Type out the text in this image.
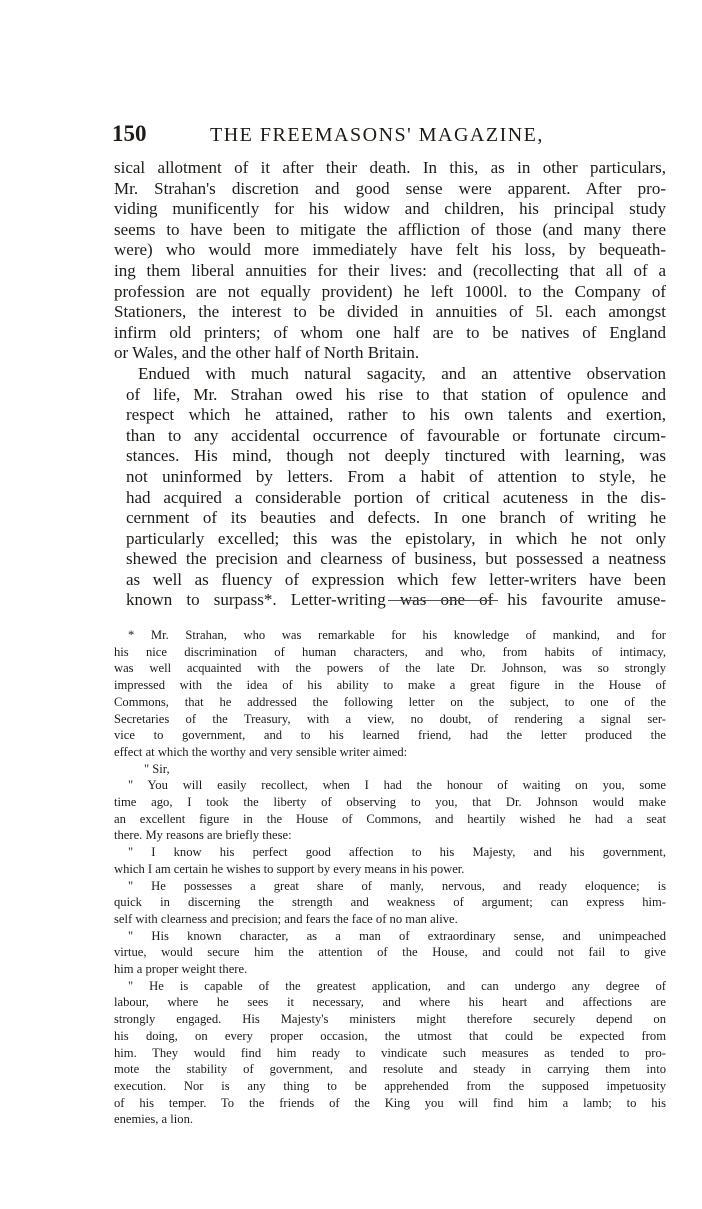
150	THE FREEMASONS' MAGAZINE,

sical allotment of it after their death. In this, as in other particulars,
Mr. Strahan's discretion and good sense were apparent. After pro-
viding munificently for his widow and children, his principal study
seems to have been to mitigate the affliction of those (and many there
were) who would more immediately have felt his loss, by bequeath-
ing them liberal annuities for their lives: and (recollecting that all of a
profession are not equally provident) he left 1000l. to the Company of
Stationers, the interest to be divided in annuities of 5l. each amongst
infirm old printers; of whom one half are to be natives of England
or Wales, and the other half of North Britain.

Endued with much natural sagacity, and an attentive observation
of life, Mr. Strahan owed his rise to that station of opulence and
respect which he attained, rather to his own talents and exertion,
than to any accidental occurrence of favourable or fortunate circum-
stances. His mind, though not deeply tinctured with learning, was
not uninformed by letters. From a habit of attention to style, he
had acquired a considerable portion of critical acuteness in the dis-
cernment of its beauties and defects. In one branch of writing he
particularly excelled; this was the epistolary, in which he not only
shewed the precision and clearness of business, but possessed a neatness
as well as fluency of expression which few letter-writers have been
known to surpass*. Letter-writing was one of his favourite amuse-

* Mr. Strahan, who was remarkable for his knowledge of mankind, and for
his nice discrimination of human characters, and who, from habits of intimacy,
was well acquainted with the powers of the late Dr. Johnson, was so strongly
impressed with the idea of his ability to make a great figure in the House of
Commons, that he addressed the following letter on the subject, to one of the
Secretaries of the Treasury, with a view, no doubt, of rendering a signal ser-
vice to government, and to his learned friend, had the letter produced the
effect at which the worthy and very sensible writer aimed:
" Sir,
" You will easily recollect, when I had the honour of waiting on you, some
time ago, I took the liberty of observing to you, that Dr. Johnson would make
an excellent figure in the House of Commons, and heartily wished he had a seat
there. My reasons are briefly these:
" I know his perfect good affection to his Majesty, and his government,
which I am certain he wishes to support by every means in his power.
" He possesses a great share of manly, nervous, and ready eloquence; is
quick in discerning the strength and weakness of argument; can express him-
self with clearness and precision; and fears the face of no man alive.
" His known character, as a man of extraordinary sense, and unimpeached
virtue, would secure him the attention of the House, and could not fail to give
him a proper weight there.
" He is capable of the greatest application, and can undergo any degree of
labour, where he sees it necessary, and where his heart and affections are
strongly engaged. His Majesty's ministers might therefore securely depend on
his doing, on every proper occasion, the utmost that could be expected from
him. They would find him ready to vindicate such measures as tended to pro-
mote the stability of government, and resolute and steady in carrying them into
execution. Nor is any thing to be apprehended from the supposed impetuosity
of his temper. To the friends of the King you will find him a lamb; to his
enemies, a lion.
